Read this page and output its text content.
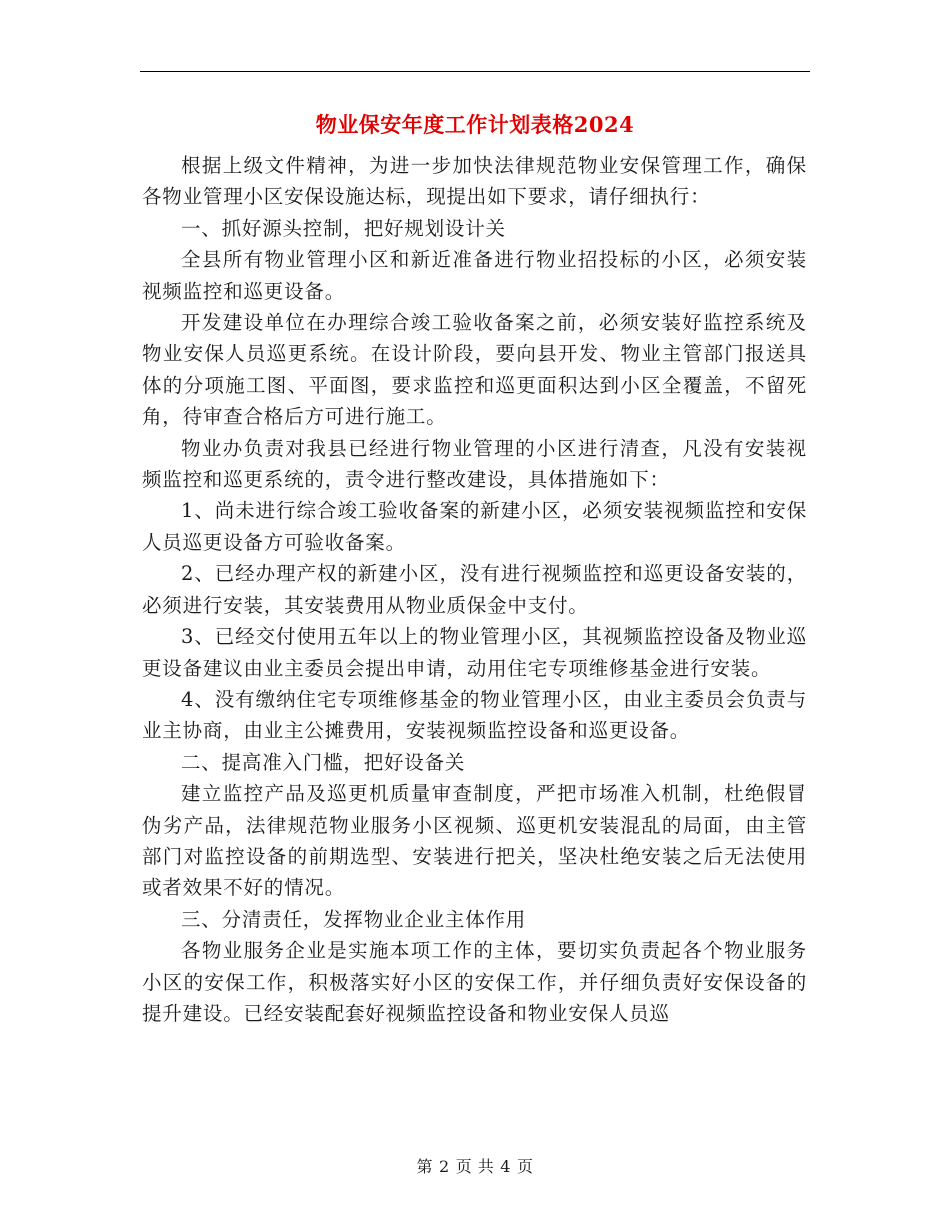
物业保安年度工作计划表格2024

根据上级文件精神，为进一步加快法律规范物业安保管理工作，确保各物业管理小区安保设施达标，现提出如下要求，请仔细执行：

一、抓好源头控制，把好规划设计关

全县所有物业管理小区和新近准备进行物业招投标的小区，必须安装视频监控和巡更设备。

开发建设单位在办理综合竣工验收备案之前，必须安装好监控系统及物业安保人员巡更系统。在设计阶段，要向县开发、物业主管部门报送具体的分项施工图、平面图，要求监控和巡更面积达到小区全覆盖，不留死角，待审查合格后方可进行施工。

物业办负责对我县已经进行物业管理的小区进行清查，凡没有安装视频监控和巡更系统的，责令进行整改建设，具体措施如下：

1、尚未进行综合竣工验收备案的新建小区，必须安装视频监控和安保人员巡更设备方可验收备案。

2、已经办理产权的新建小区，没有进行视频监控和巡更设备安装的，必须进行安装，其安装费用从物业质保金中支付。

3、已经交付使用五年以上的物业管理小区，其视频监控设备及物业巡更设备建议由业主委员会提出申请，动用住宅专项维修基金进行安装。

4、没有缴纳住宅专项维修基金的物业管理小区，由业主委员会负责与业主协商，由业主公摊费用，安装视频监控设备和巡更设备。

二、提高准入门槛，把好设备关

建立监控产品及巡更机质量审查制度，严把市场准入机制，杜绝假冒伪劣产品，法律规范物业服务小区视频、巡更机安装混乱的局面，由主管部门对监控设备的前期选型、安装进行把关，坚决杜绝安装之后无法使用或者效果不好的情况。

三、分清责任，发挥物业企业主体作用

各物业服务企业是实施本项工作的主体，要切实负责起各个物业服务小区的安保工作，积极落实好小区的安保工作，并仔细负责好安保设备的提升建设。已经安装配套好视频监控设备和物业安保人员巡

第 2 页 共 4 页
